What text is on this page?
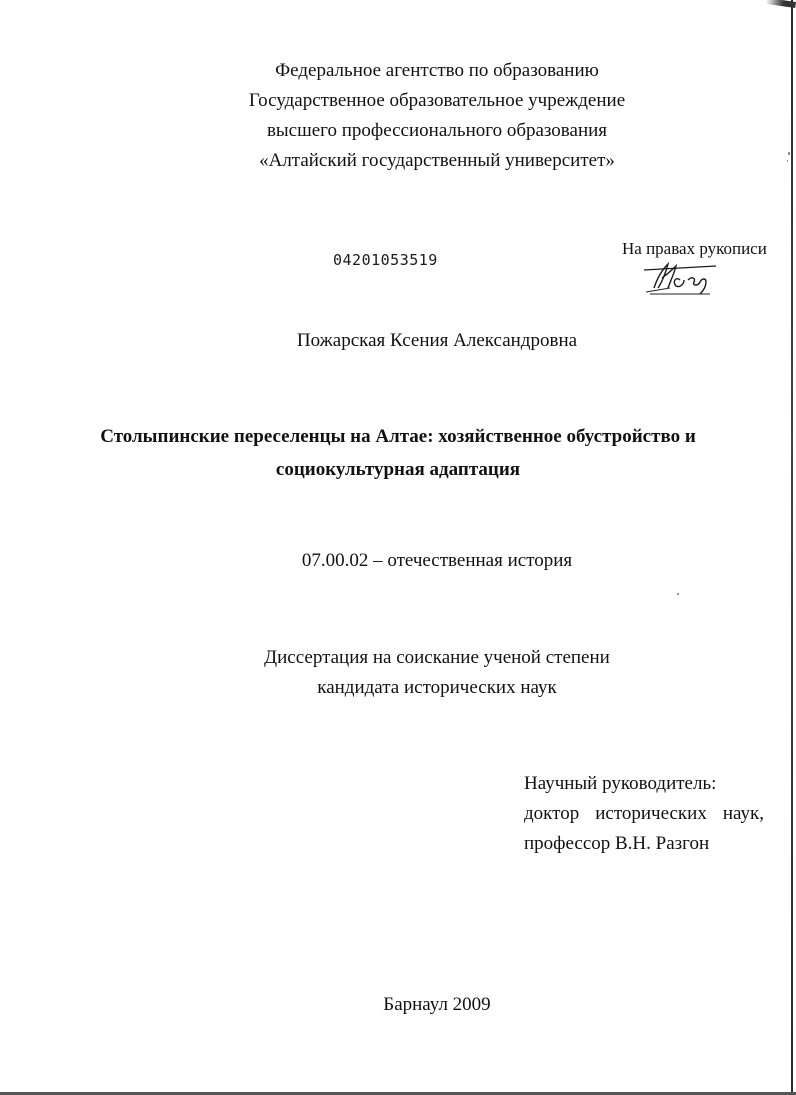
Федеральное агентство по образованию
Государственное образовательное учреждение
высшего профессионального образования
«Алтайский государственный университет»
04201053519
На правах рукописи
Пожарская Ксения Александровна
Столыпинские переселенцы на Алтае: хозяйственное обустройство и
социокультурная адаптация
07.00.02 – отечественная история
Диссертация на соискание ученой степени
кандидата исторических наук
Научный руководитель:
доктор исторических наук,
профессор В.Н. Разгон
Барнаул 2009
